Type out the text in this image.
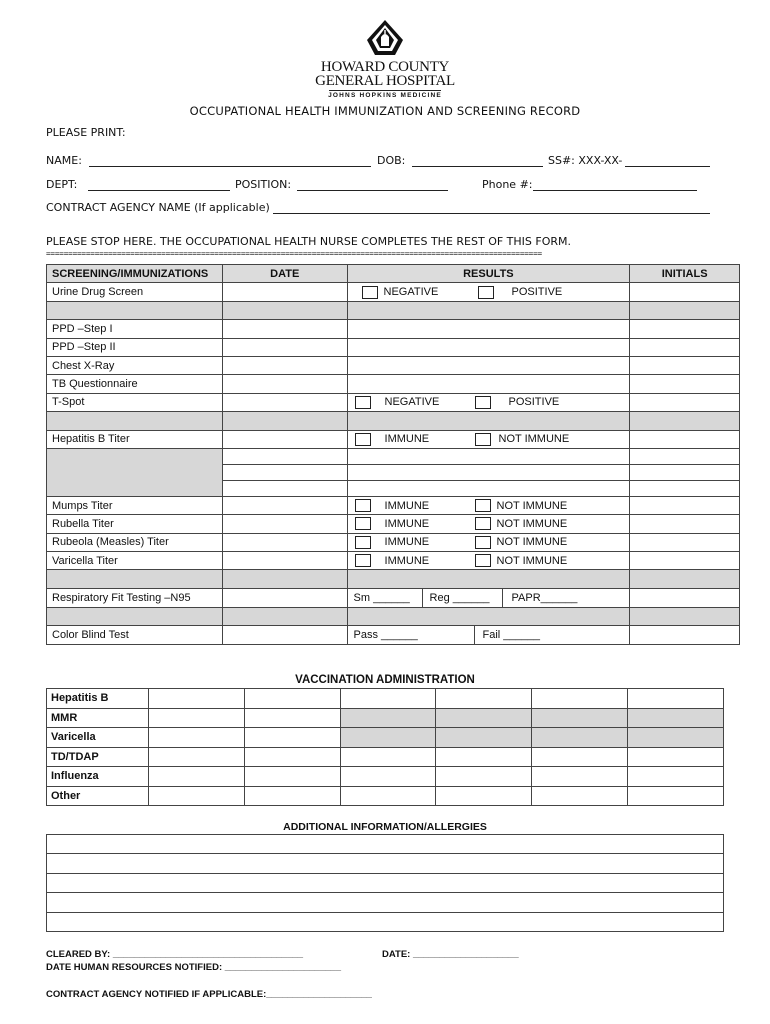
HOWARD COUNTY
GENERAL HOSPITAL
JOHNS HOPKINS MEDICINE
OCCUPATIONAL HEALTH IMMUNIZATION AND SCREENING RECORD
PLEASE PRINT:
NAME:	DOB:	SS#: XXX-XX-
DEPT:	POSITION:	Phone #:
CONTRACT AGENCY NAME (If applicable)
PLEASE STOP HERE. THE OCCUPATIONAL HEALTH NURSE COMPLETES THE REST OF THIS FORM.
================================================================================================================
SCREENING/IMMUNIZATIONS	DATE	RESULTS	INITIALS
Urine Drug Screen		NEGATIVE POSITIVE	

PPD –Step I			
PPD –Step II			
Chest X-Ray			
TB Questionnaire			
T-Spot		NEGATIVE POSITIVE	

Hepatitis B Titer		IMMUNE NOT IMMUNE	

Mumps Titer		IMMUNE NOT IMMUNE	

Rubella Titer		IMMUNE NOT IMMUNE	

Rubeola (Measles) Titer		IMMUNE NOT IMMUNE	

Varicella Titer		IMMUNE NOT IMMUNE	

Respiratory Fit Testing –N95		Sm ______ Reg ______ PAPR______	

Color Blind Test		Pass ______ Fail ______	

VACCINATION ADMINISTRATION
Hepatitis B						
MMR						
Varicella						
TD/TDAP						
Influenza						
Other						
ADDITIONAL INFORMATION/ALLERGIES

CLEARED BY: ____________________________________	DATE: ____________________
DATE HUMAN RESOURCES NOTIFIED: ______________________
CONTRACT AGENCY NOTIFIED IF APPLICABLE:____________________
